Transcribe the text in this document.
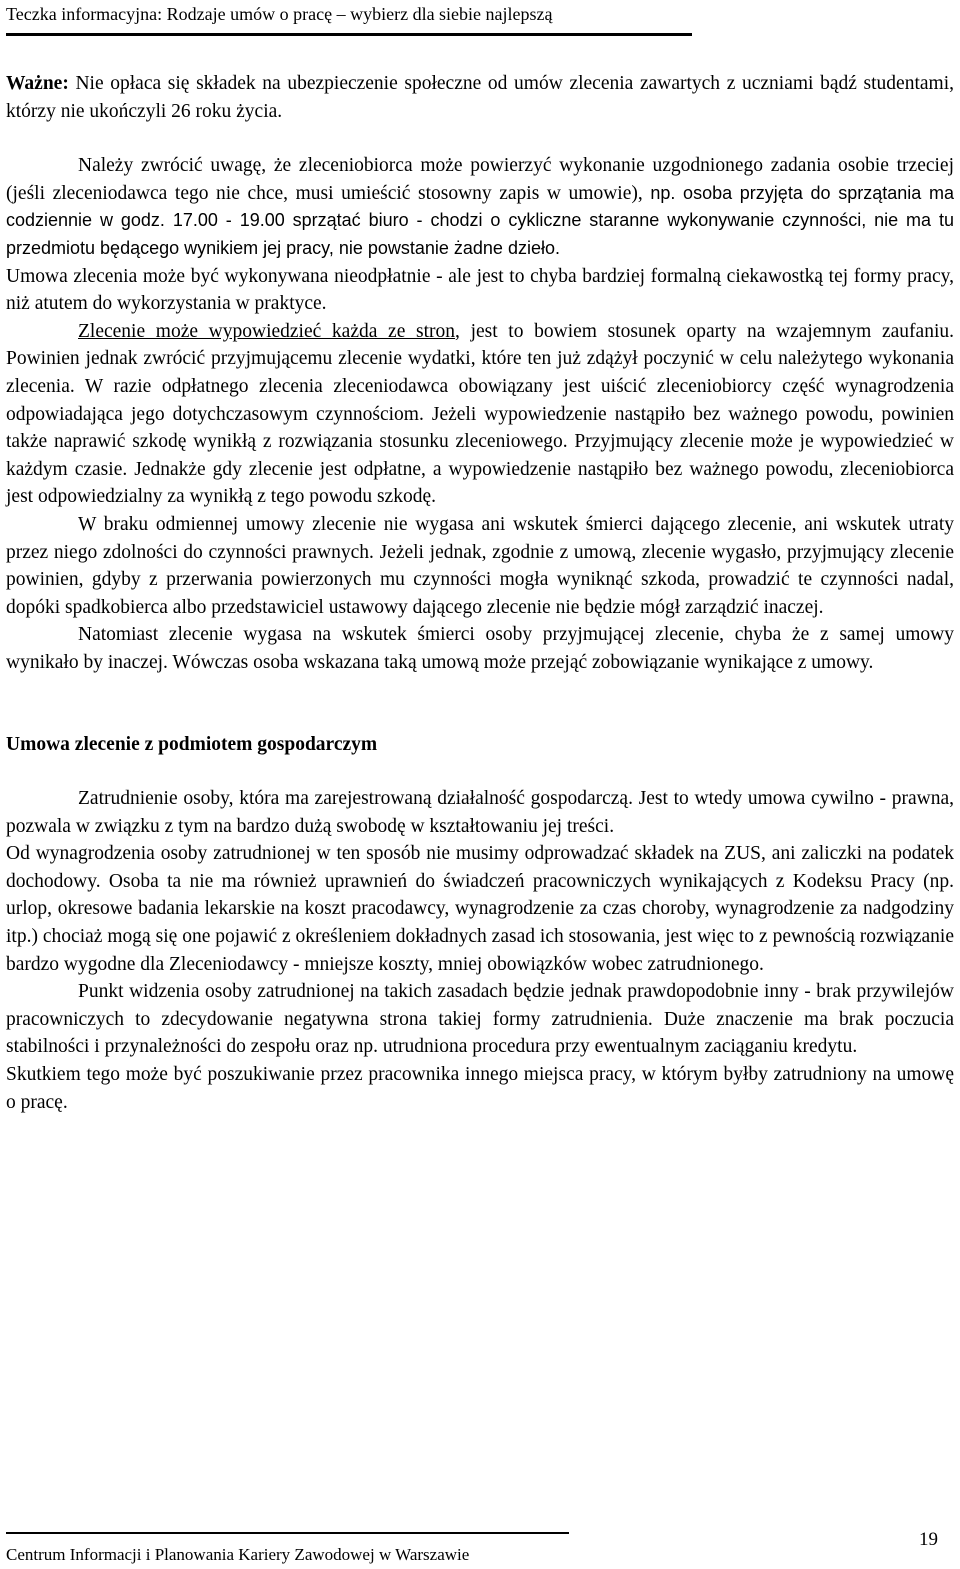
Teczka informacyjna: Rodzaje umów o pracę – wybierz dla siebie najlepszą

Ważne: Nie opłaca się składek na ubezpieczenie społeczne od umów zlecenia zawartych z uczniami bądź studentami, którzy nie ukończyli 26 roku życia.

Należy zwrócić uwagę, że zleceniobiorca może powierzyć wykonanie uzgodnionego zadania osobie trzeciej (jeśli zleceniodawca tego nie chce, musi umieścić stosowny zapis w umowie), np. osoba przyjęta do sprzątania ma codziennie w godz. 17.00 - 19.00 sprzątać biuro - chodzi o cykliczne staranne wykonywanie czynności, nie ma tu przedmiotu będącego wynikiem jej pracy, nie powstanie żadne dzieło.

Umowa zlecenia może być wykonywana nieodpłatnie - ale jest to chyba bardziej formalną ciekawostką tej formy pracy, niż atutem do wykorzystania w praktyce.

Zlecenie może wypowiedzieć każda ze stron, jest to bowiem stosunek oparty na wzajemnym zaufaniu. Powinien jednak zwrócić przyjmującemu zlecenie wydatki, które ten już zdążył poczynić w celu należytego wykonania zlecenia. W razie odpłatnego zlecenia zleceniodawca obowiązany jest uiścić zleceniobiorcy część wynagrodzenia odpowiadająca jego dotychczasowym czynnościom. Jeżeli wypowiedzenie nastąpiło bez ważnego powodu, powinien także naprawić szkodę wynikłą z rozwiązania stosunku zleceniowego. Przyjmujący zlecenie może je wypowiedzieć w każdym czasie. Jednakże gdy zlecenie jest odpłatne, a wypowiedzenie nastąpiło bez ważnego powodu, zleceniobiorca jest odpowiedzialny za wynikłą z tego powodu szkodę.

W braku odmiennej umowy zlecenie nie wygasa ani wskutek śmierci dającego zlecenie, ani wskutek utraty przez niego zdolności do czynności prawnych. Jeżeli jednak, zgodnie z umową, zlecenie wygasło, przyjmujący zlecenie powinien, gdyby z przerwania powierzonych mu czynności mogła wyniknąć szkoda, prowadzić te czynności nadal, dopóki spadkobierca albo przedstawiciel ustawowy dającego zlecenie nie będzie mógł zarządzić inaczej.

Natomiast zlecenie wygasa na wskutek śmierci osoby przyjmującej zlecenie, chyba że z samej umowy wynikało by inaczej. Wówczas osoba wskazana taką umową może przejąć zobowiązanie wynikające z umowy.

Umowa zlecenie z podmiotem gospodarczym

Zatrudnienie osoby, która ma zarejestrowaną działalność gospodarczą. Jest to wtedy umowa cywilno - prawna, pozwala w związku z tym na bardzo dużą swobodę w kształtowaniu jej treści.

Od wynagrodzenia osoby zatrudnionej w ten sposób nie musimy odprowadzać składek na ZUS, ani zaliczki na podatek dochodowy. Osoba ta nie ma również uprawnień do świadczeń pracowniczych wynikających z Kodeksu Pracy (np. urlop, okresowe badania lekarskie na koszt pracodawcy, wynagrodzenie za czas choroby, wynagrodzenie za nadgodziny itp.) chociaż mogą się one pojawić z określeniem dokładnych zasad ich stosowania, jest więc to z pewnością rozwiązanie bardzo wygodne dla Zleceniodawcy - mniejsze koszty, mniej obowiązków wobec zatrudnionego.

Punkt widzenia osoby zatrudnionej na takich zasadach będzie jednak prawdopodobnie inny - brak przywilejów pracowniczych to zdecydowanie negatywna strona takiej formy zatrudnienia. Duże znaczenie ma brak poczucia stabilności i przynależności do zespołu oraz np. utrudniona procedura przy ewentualnym zaciąganiu kredytu.

Skutkiem tego może być poszukiwanie przez pracownika innego miejsca pracy, w którym byłby zatrudniony na umowę o pracę.

19
Centrum Informacji i Planowania Kariery Zawodowej w Warszawie
